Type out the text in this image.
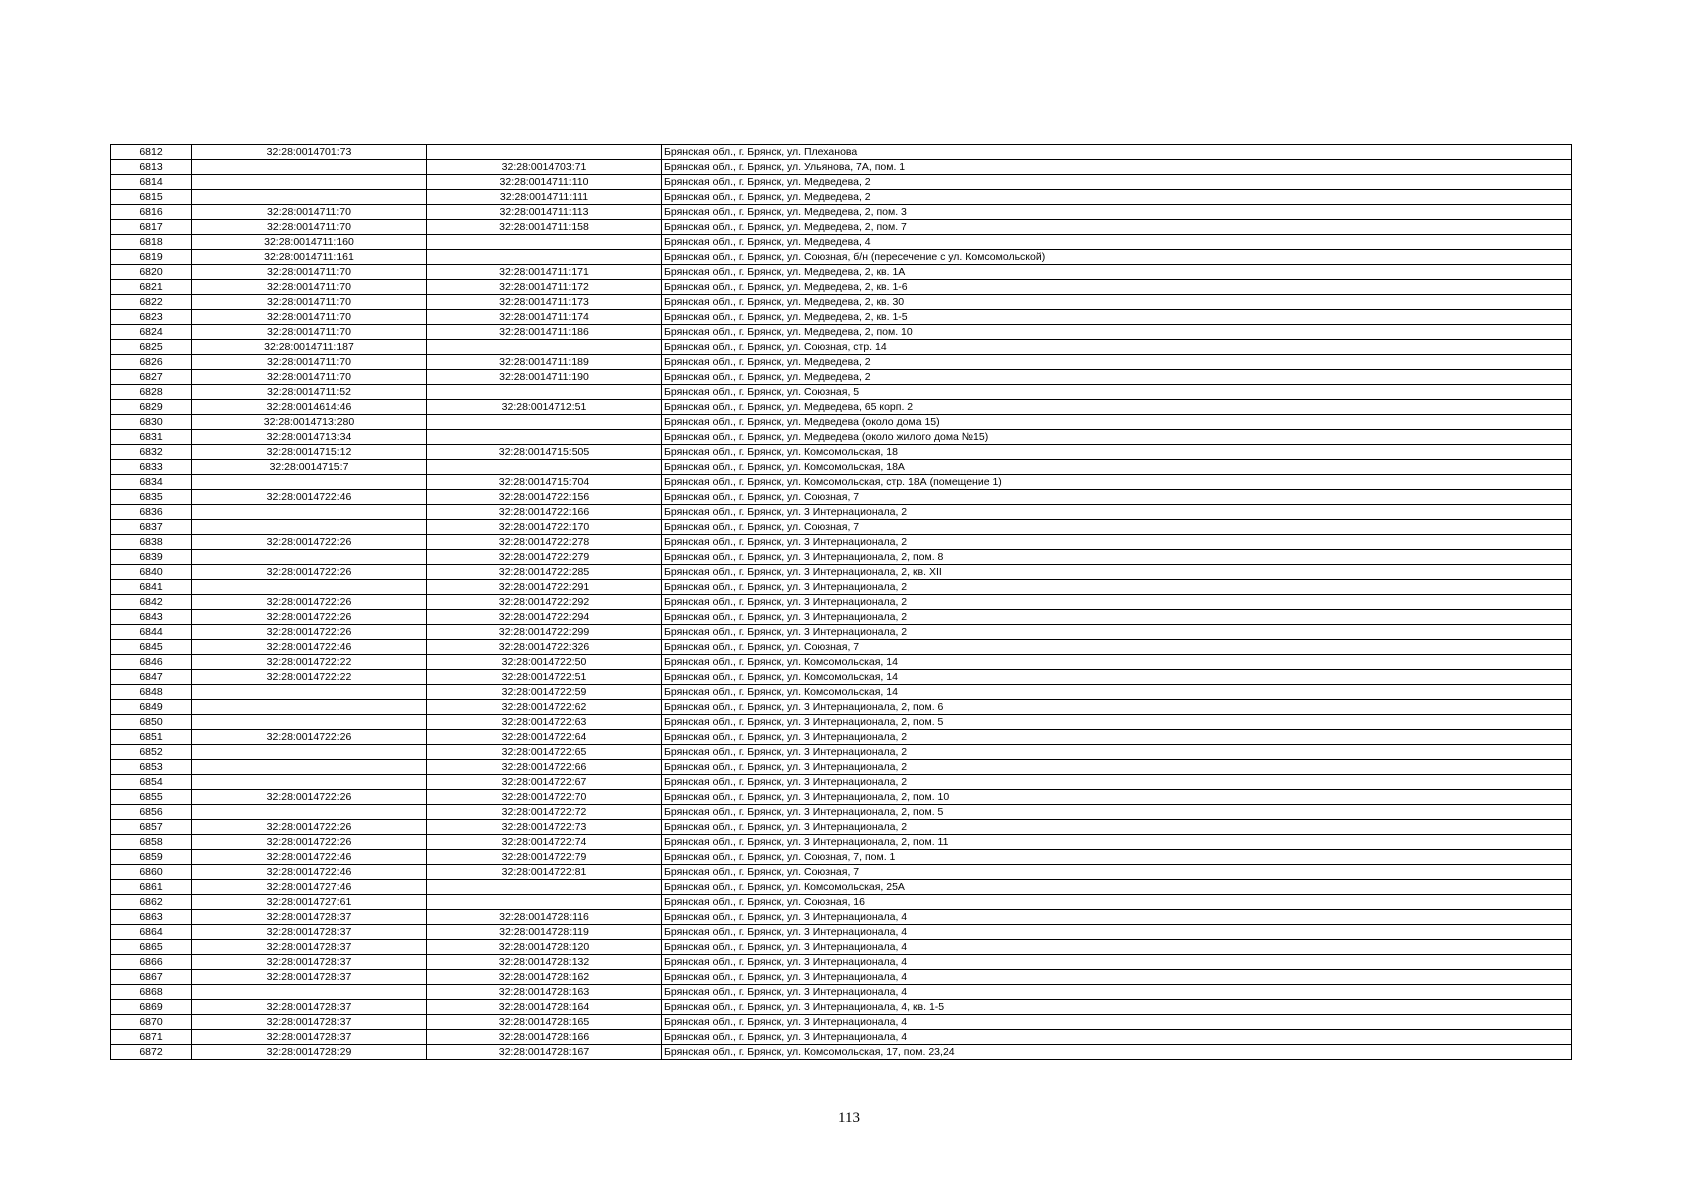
6812	32:28:0014701:73		Брянская обл., г. Брянск, ул. Плеханова
6813		32:28:0014703:71	Брянская обл., г. Брянск, ул. Ульянова, 7А, пом. 1
6814		32:28:0014711:110	Брянская обл., г. Брянск, ул. Медведева, 2
6815		32:28:0014711:111	Брянская обл., г. Брянск, ул. Медведева, 2
6816	32:28:0014711:70	32:28:0014711:113	Брянская обл., г. Брянск, ул. Медведева, 2, пом. 3
6817	32:28:0014711:70	32:28:0014711:158	Брянская обл., г. Брянск, ул. Медведева, 2, пом. 7
6818	32:28:0014711:160		Брянская обл., г. Брянск, ул. Медведева, 4
6819	32:28:0014711:161		Брянская обл., г. Брянск, ул. Союзная, б/н (пересечение с ул. Комсомольской)
6820	32:28:0014711:70	32:28:0014711:171	Брянская обл., г. Брянск, ул. Медведева, 2, кв. 1А
6821	32:28:0014711:70	32:28:0014711:172	Брянская обл., г. Брянск, ул. Медведева, 2, кв. 1-6
6822	32:28:0014711:70	32:28:0014711:173	Брянская обл., г. Брянск, ул. Медведева, 2, кв. 30
6823	32:28:0014711:70	32:28:0014711:174	Брянская обл., г. Брянск, ул. Медведева, 2, кв. 1-5
6824	32:28:0014711:70	32:28:0014711:186	Брянская обл., г. Брянск, ул. Медведева, 2, пом. 10
6825	32:28:0014711:187		Брянская обл., г. Брянск, ул. Союзная, стр. 14
6826	32:28:0014711:70	32:28:0014711:189	Брянская обл., г. Брянск, ул. Медведева, 2
6827	32:28:0014711:70	32:28:0014711:190	Брянская обл., г. Брянск, ул. Медведева, 2
6828	32:28:0014711:52		Брянская обл., г. Брянск, ул. Союзная, 5
6829	32:28:0014614:46	32:28:0014712:51	Брянская обл., г. Брянск, ул. Медведева, 65 корп. 2
6830	32:28:0014713:280		Брянская обл., г. Брянск, ул. Медведева (около дома 15)
6831	32:28:0014713:34		Брянская обл., г. Брянск, ул. Медведева (около жилого дома №15)
6832	32:28:0014715:12	32:28:0014715:505	Брянская обл., г. Брянск, ул. Комсомольская, 18
6833	32:28:0014715:7		Брянская обл., г. Брянск, ул. Комсомольская, 18А
6834		32:28:0014715:704	Брянская обл., г. Брянск, ул. Комсомольская, стр. 18А (помещение 1)
6835	32:28:0014722:46	32:28:0014722:156	Брянская обл., г. Брянск, ул. Союзная, 7
6836		32:28:0014722:166	Брянская обл., г. Брянск, ул. 3 Интернационала, 2
6837		32:28:0014722:170	Брянская обл., г. Брянск, ул. Союзная, 7
6838	32:28:0014722:26	32:28:0014722:278	Брянская обл., г. Брянск, ул. 3 Интернационала, 2
6839		32:28:0014722:279	Брянская обл., г. Брянск, ул. 3 Интернационала, 2, пом. 8
6840	32:28:0014722:26	32:28:0014722:285	Брянская обл., г. Брянск, ул. 3 Интернационала, 2, кв. XII
6841		32:28:0014722:291	Брянская обл., г. Брянск, ул. 3 Интернационала, 2
6842	32:28:0014722:26	32:28:0014722:292	Брянская обл., г. Брянск, ул. 3 Интернационала, 2
6843	32:28:0014722:26	32:28:0014722:294	Брянская обл., г. Брянск, ул. 3 Интернационала, 2
6844	32:28:0014722:26	32:28:0014722:299	Брянская обл., г. Брянск, ул. 3 Интернационала, 2
6845	32:28:0014722:46	32:28:0014722:326	Брянская обл., г. Брянск, ул. Союзная, 7
6846	32:28:0014722:22	32:28:0014722:50	Брянская обл., г. Брянск, ул. Комсомольская, 14
6847	32:28:0014722:22	32:28:0014722:51	Брянская обл., г. Брянск, ул. Комсомольская, 14
6848		32:28:0014722:59	Брянская обл., г. Брянск, ул. Комсомольская, 14
6849		32:28:0014722:62	Брянская обл., г. Брянск, ул. 3 Интернационала, 2, пом. 6
6850		32:28:0014722:63	Брянская обл., г. Брянск, ул. 3 Интернационала, 2, пом. 5
6851	32:28:0014722:26	32:28:0014722:64	Брянская обл., г. Брянск, ул. 3 Интернационала, 2
6852		32:28:0014722:65	Брянская обл., г. Брянск, ул. 3 Интернационала, 2
6853		32:28:0014722:66	Брянская обл., г. Брянск, ул. 3 Интернационала, 2
6854		32:28:0014722:67	Брянская обл., г. Брянск, ул. 3 Интернационала, 2
6855	32:28:0014722:26	32:28:0014722:70	Брянская обл., г. Брянск, ул. 3 Интернационала, 2, пом. 10
6856		32:28:0014722:72	Брянская обл., г. Брянск, ул. 3 Интернационала, 2, пом. 5
6857	32:28:0014722:26	32:28:0014722:73	Брянская обл., г. Брянск, ул. 3 Интернационала, 2
6858	32:28:0014722:26	32:28:0014722:74	Брянская обл., г. Брянск, ул. 3 Интернационала, 2, пом. 11
6859	32:28:0014722:46	32:28:0014722:79	Брянская обл., г. Брянск, ул. Союзная, 7, пом. 1
6860	32:28:0014722:46	32:28:0014722:81	Брянская обл., г. Брянск, ул. Союзная, 7
6861	32:28:0014727:46		Брянская обл., г. Брянск, ул. Комсомольская, 25А
6862	32:28:0014727:61		Брянская обл., г. Брянск, ул. Союзная, 16
6863	32:28:0014728:37	32:28:0014728:116	Брянская обл., г. Брянск, ул. 3 Интернационала, 4
6864	32:28:0014728:37	32:28:0014728:119	Брянская обл., г. Брянск, ул. 3 Интернационала, 4
6865	32:28:0014728:37	32:28:0014728:120	Брянская обл., г. Брянск, ул. 3 Интернационала, 4
6866	32:28:0014728:37	32:28:0014728:132	Брянская обл., г. Брянск, ул. 3 Интернационала, 4
6867	32:28:0014728:37	32:28:0014728:162	Брянская обл., г. Брянск, ул. 3 Интернационала, 4
6868		32:28:0014728:163	Брянская обл., г. Брянск, ул. 3 Интернационала, 4
6869	32:28:0014728:37	32:28:0014728:164	Брянская обл., г. Брянск, ул. 3 Интернационала, 4, кв. 1-5
6870	32:28:0014728:37	32:28:0014728:165	Брянская обл., г. Брянск, ул. 3 Интернационала, 4
6871	32:28:0014728:37	32:28:0014728:166	Брянская обл., г. Брянск, ул. 3 Интернационала, 4
6872	32:28:0014728:29	32:28:0014728:167	Брянская обл., г. Брянск, ул. Комсомольская, 17, пом. 23,24
113
